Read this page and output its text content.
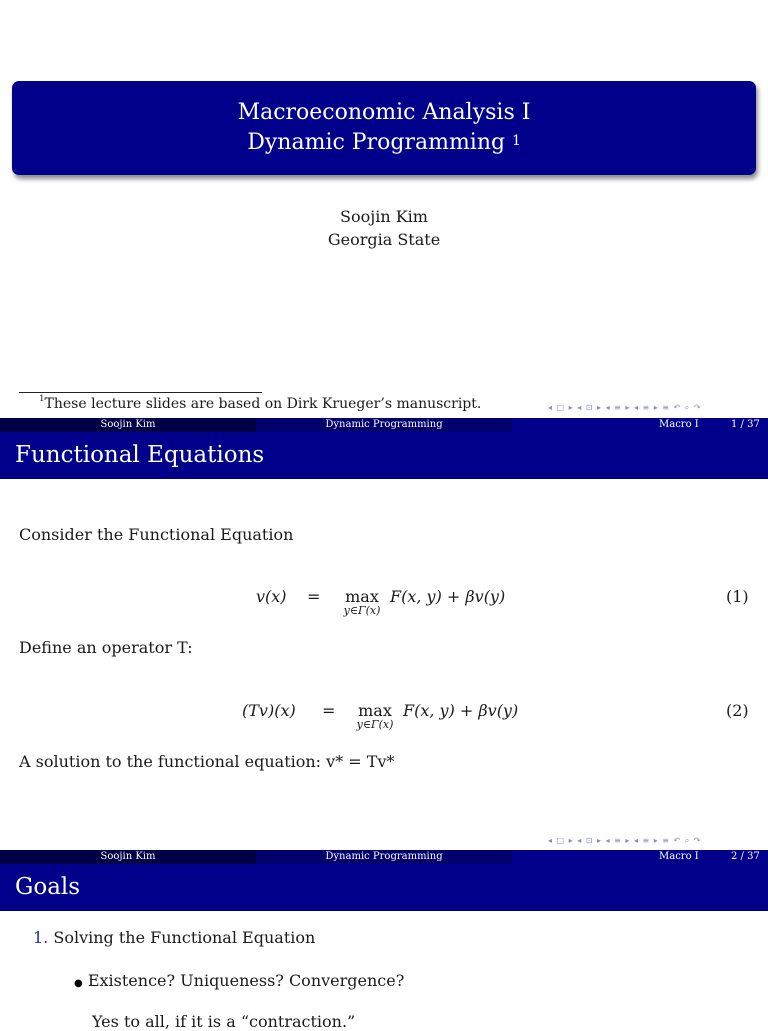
Macroeconomic Analysis I
Dynamic Programming $^1$
Soojin Kim
Georgia State
$^1$These lecture slides are based on Dirk Krueger’s manuscript.	◂ □ ▸ ◂ ⊡ ▸ ◂ ≡ ▸ ◂ ≡ ▸ ≡ ↶ ⌕ ↷
Soojin Kim	Dynamic Programming	Macro I	1 / 37
Functional Equations
Consider the Functional Equation
v(x) =	max
y∈Γ(x)
F(x, y) + βv(y)	(1)
Define an operator T:
(Tv)(x) =	max
y∈Γ(x)
F(x, y) + βv(y)	(2)
A solution to the functional equation: v* = Tv*
◂ □ ▸ ◂ ⊡ ▸ ◂ ≡ ▸ ◂ ≡ ▸ ≡ ↶ ⌕ ↷
Soojin Kim	Dynamic Programming	Macro I	2 / 37
Goals
1. Solving the Functional Equation
● Existence? Uniqueness? Convergence?
Yes to all, if it is a “contraction.”
